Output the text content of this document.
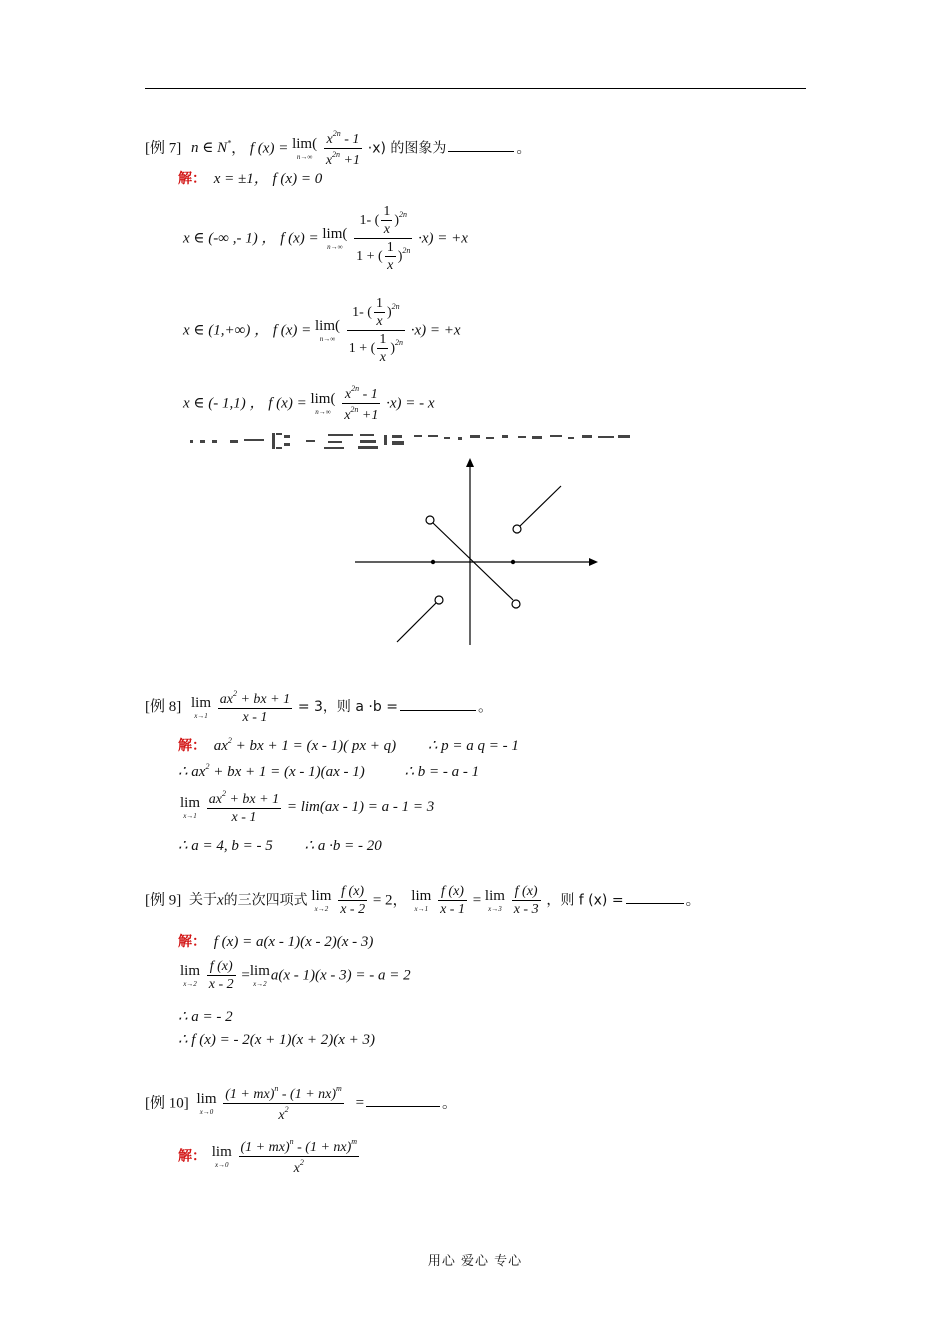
[例 7] n ∈ N*， f (x) = lim(
n→∞
$\frac{x^{2n} - 1}{x^{2n} +1} \cdot x$) 的图象为	。
解： x = ±1， f (x) = 0
x ∈ (-∞ ,- 1) ， f (x) = lim(
n→∞
$\frac{1- ( \frac{1}{x} )^{2n}}{1 + ( \frac{1}{x} )^{2n}} \cdot x) = +x$
x ∈ (1,+∞) ， f (x) = lim(
n→∞
$\frac{1- ( \frac{1}{x} )^{2n}}{1 + ( \frac{1}{x} )^{2n}} \cdot x) = +x$
x ∈ (- 1,1) ， f (x) = lim(
n→∞
$\frac{x^{2n} - 1}{x^{2n} +1} \cdot x$) = - x
[例 8] lim
x→1
$\frac{ax^2 + bx + 1}{x - 1} = 3$，则 a ·b =	。
解： $ax^2$ + bx + 1 = (x - 1)( px + q) ∴ p = a q = - 1
∴ $ax^2$ + bx + 1 = (x - 1)(ax - 1)	∴ b = - a - 1
lim
x→1
$\frac{ax^2 + bx + 1}{x - 1} = \lim(ax - 1) = a - 1 = 3$
∴ a = 4, b = - 5 ∴ a ·b = - 20
[例 9] 关于x的三次四项式 lim
x→2
$\frac{f (x)}{x - 2} = 2$， lim
x→1
$\frac{f (x)}{x - 1} = \lim$
x→3
$\frac{f (x)}{x - 3}$ ，则 f (x) =	。
解： f (x) = a(x - 1)(x - 2)(x - 3)
lim
x→2
$\frac{f (x)}{x - 2} =\lim$
x→2
a(x - 1)(x - 3) = - a = 2
∴ a = - 2
∴ f (x) = - 2(x + 1)(x + 2)(x + 3)
[例 10] lim
x→0
$\frac{(1 + mx)^n - (1 + nx)^m}{x^2}$ =	。
解： lim
x→0
$\frac{(1 + mx)^n - (1 + nx)^m}{x^2}$
用心 爱心 专心
